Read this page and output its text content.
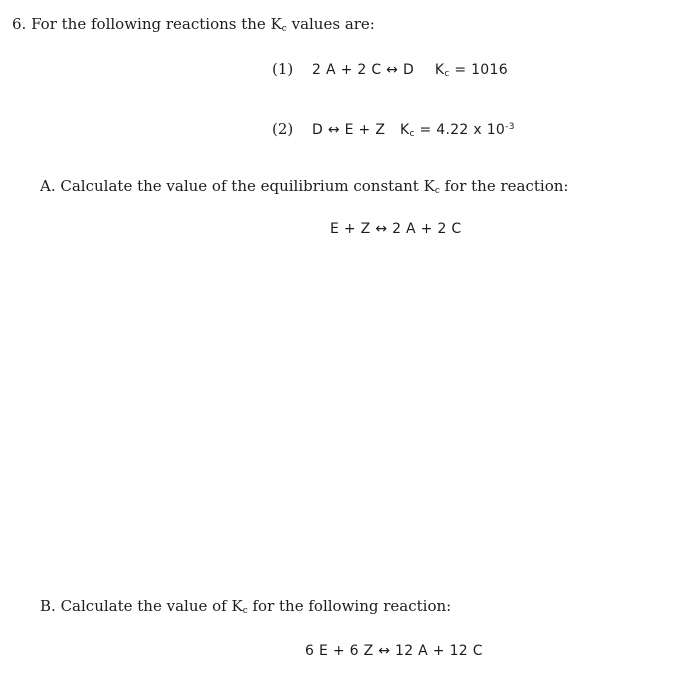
6. For the following reactions the $K_c$ values are:
(1) 2 A + 2 C ↔ D $K_c = 1016$
(2) D ↔ E + Z $K_c = 4.22$ x $10^{-3}$
A. Calculate the value of the equilibrium constant $K_c$ for the reaction:
E + Z ↔ 2 A + 2 C
B. Calculate the value of $K_c$ for the following reaction:
6 E + 6 Z ↔ 12 A + 12 C
